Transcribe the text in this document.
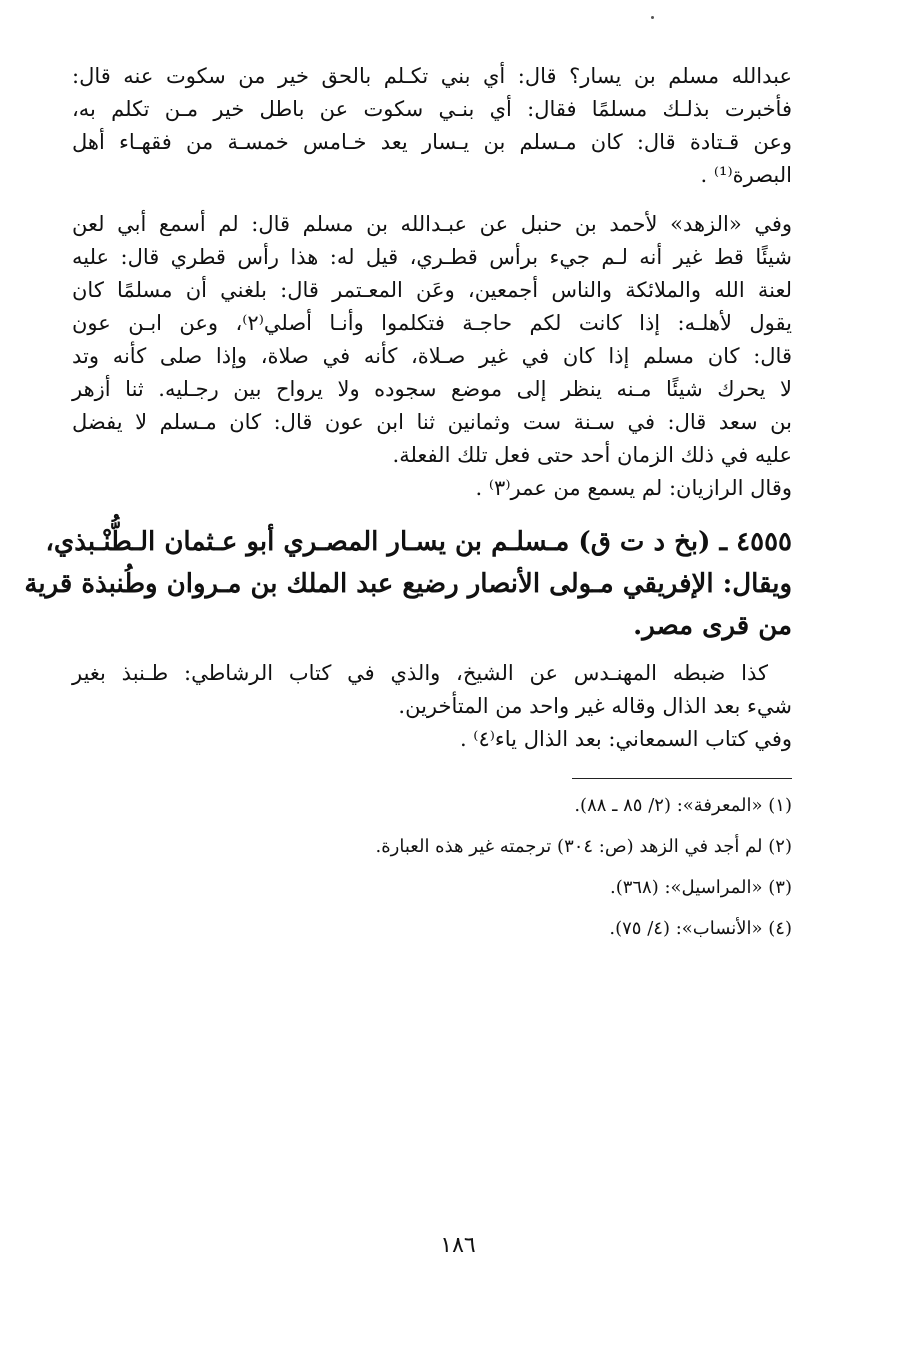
عبدالله مسلم بن يسار؟ قال: أي بني تكـلم بالحق خير من سكوت عنه قال:
فأخبرت بذلـك مسلمًا فقال: أي بنـي سكوت عن باطل خير مـن تكلم به،
وعن قـتادة قال: كان مـسلم بن يـسار يعد خـامس خمسـة من فقهـاء أهل
البصرة⁽¹⁾ .
وفي «الزهد» لأحمد بن حنبل عن عبـدالله بن مسلم قال: لم أسمع أبي لعن
شيئًا قط غير أنه لـم جيء برأس قطـري، قيل له: هذا رأس قطري قال: عليه
لعنة الله والملائكة والناس أجمعين، وعَن المعـتمر قال: بلغني أن مسلمًا كان
يقول لأهلـه: إذا كانت لكم حاجـة فتكلموا وأنـا أصلي⁽٢⁾، وعن ابـن عون
قال: كان مسلم إذا كان في غير صـلاة، كأنه في صلاة، وإذا صلى كأنه وتد
لا يحرك شيئًا مـنه ينظر إلى موضع سجوده ولا يرواح بين رجـليه. ثنا أزهر
بن سعد قال: في سـنة ست وثمانين ثنا ابن عون قال: كان مـسلم لا يفضل
عليه في ذلك الزمان أحد حتى فعل تلك الفعلة.
وقال الرازيان: لم يسمع من عمر⁽٣⁾ .
٤٥٥٥ ـ (بخ د ت ق) مـسلـم بن يسـار المصـري أبو عـثمان الـطُّنْـبذي،
ويقال: الإفريقي مـولى الأنصار رضيع عبد الملك بن مـروان وطُنبذة قرية
من قرى مصر.
كذا ضبطه المهنـدس عن الشيخ، والذي في كتاب الرشاطي: طـنبذ بغير
شيء بعد الذال وقاله غير واحد من المتأخرين.
وفي كتاب السمعاني: بعد الذال ياء⁽٤⁾ .
(١) «المعرفة»: (٢/ ٨٥ ـ ٨٨).
(٢) لم أجد في الزهد (ص: ٣٠٤) ترجمته غير هذه العبارة.
(٣) «المراسيل»: (٣٦٨).
(٤) «الأنساب»: (٤/ ٧٥).
١٨٦
